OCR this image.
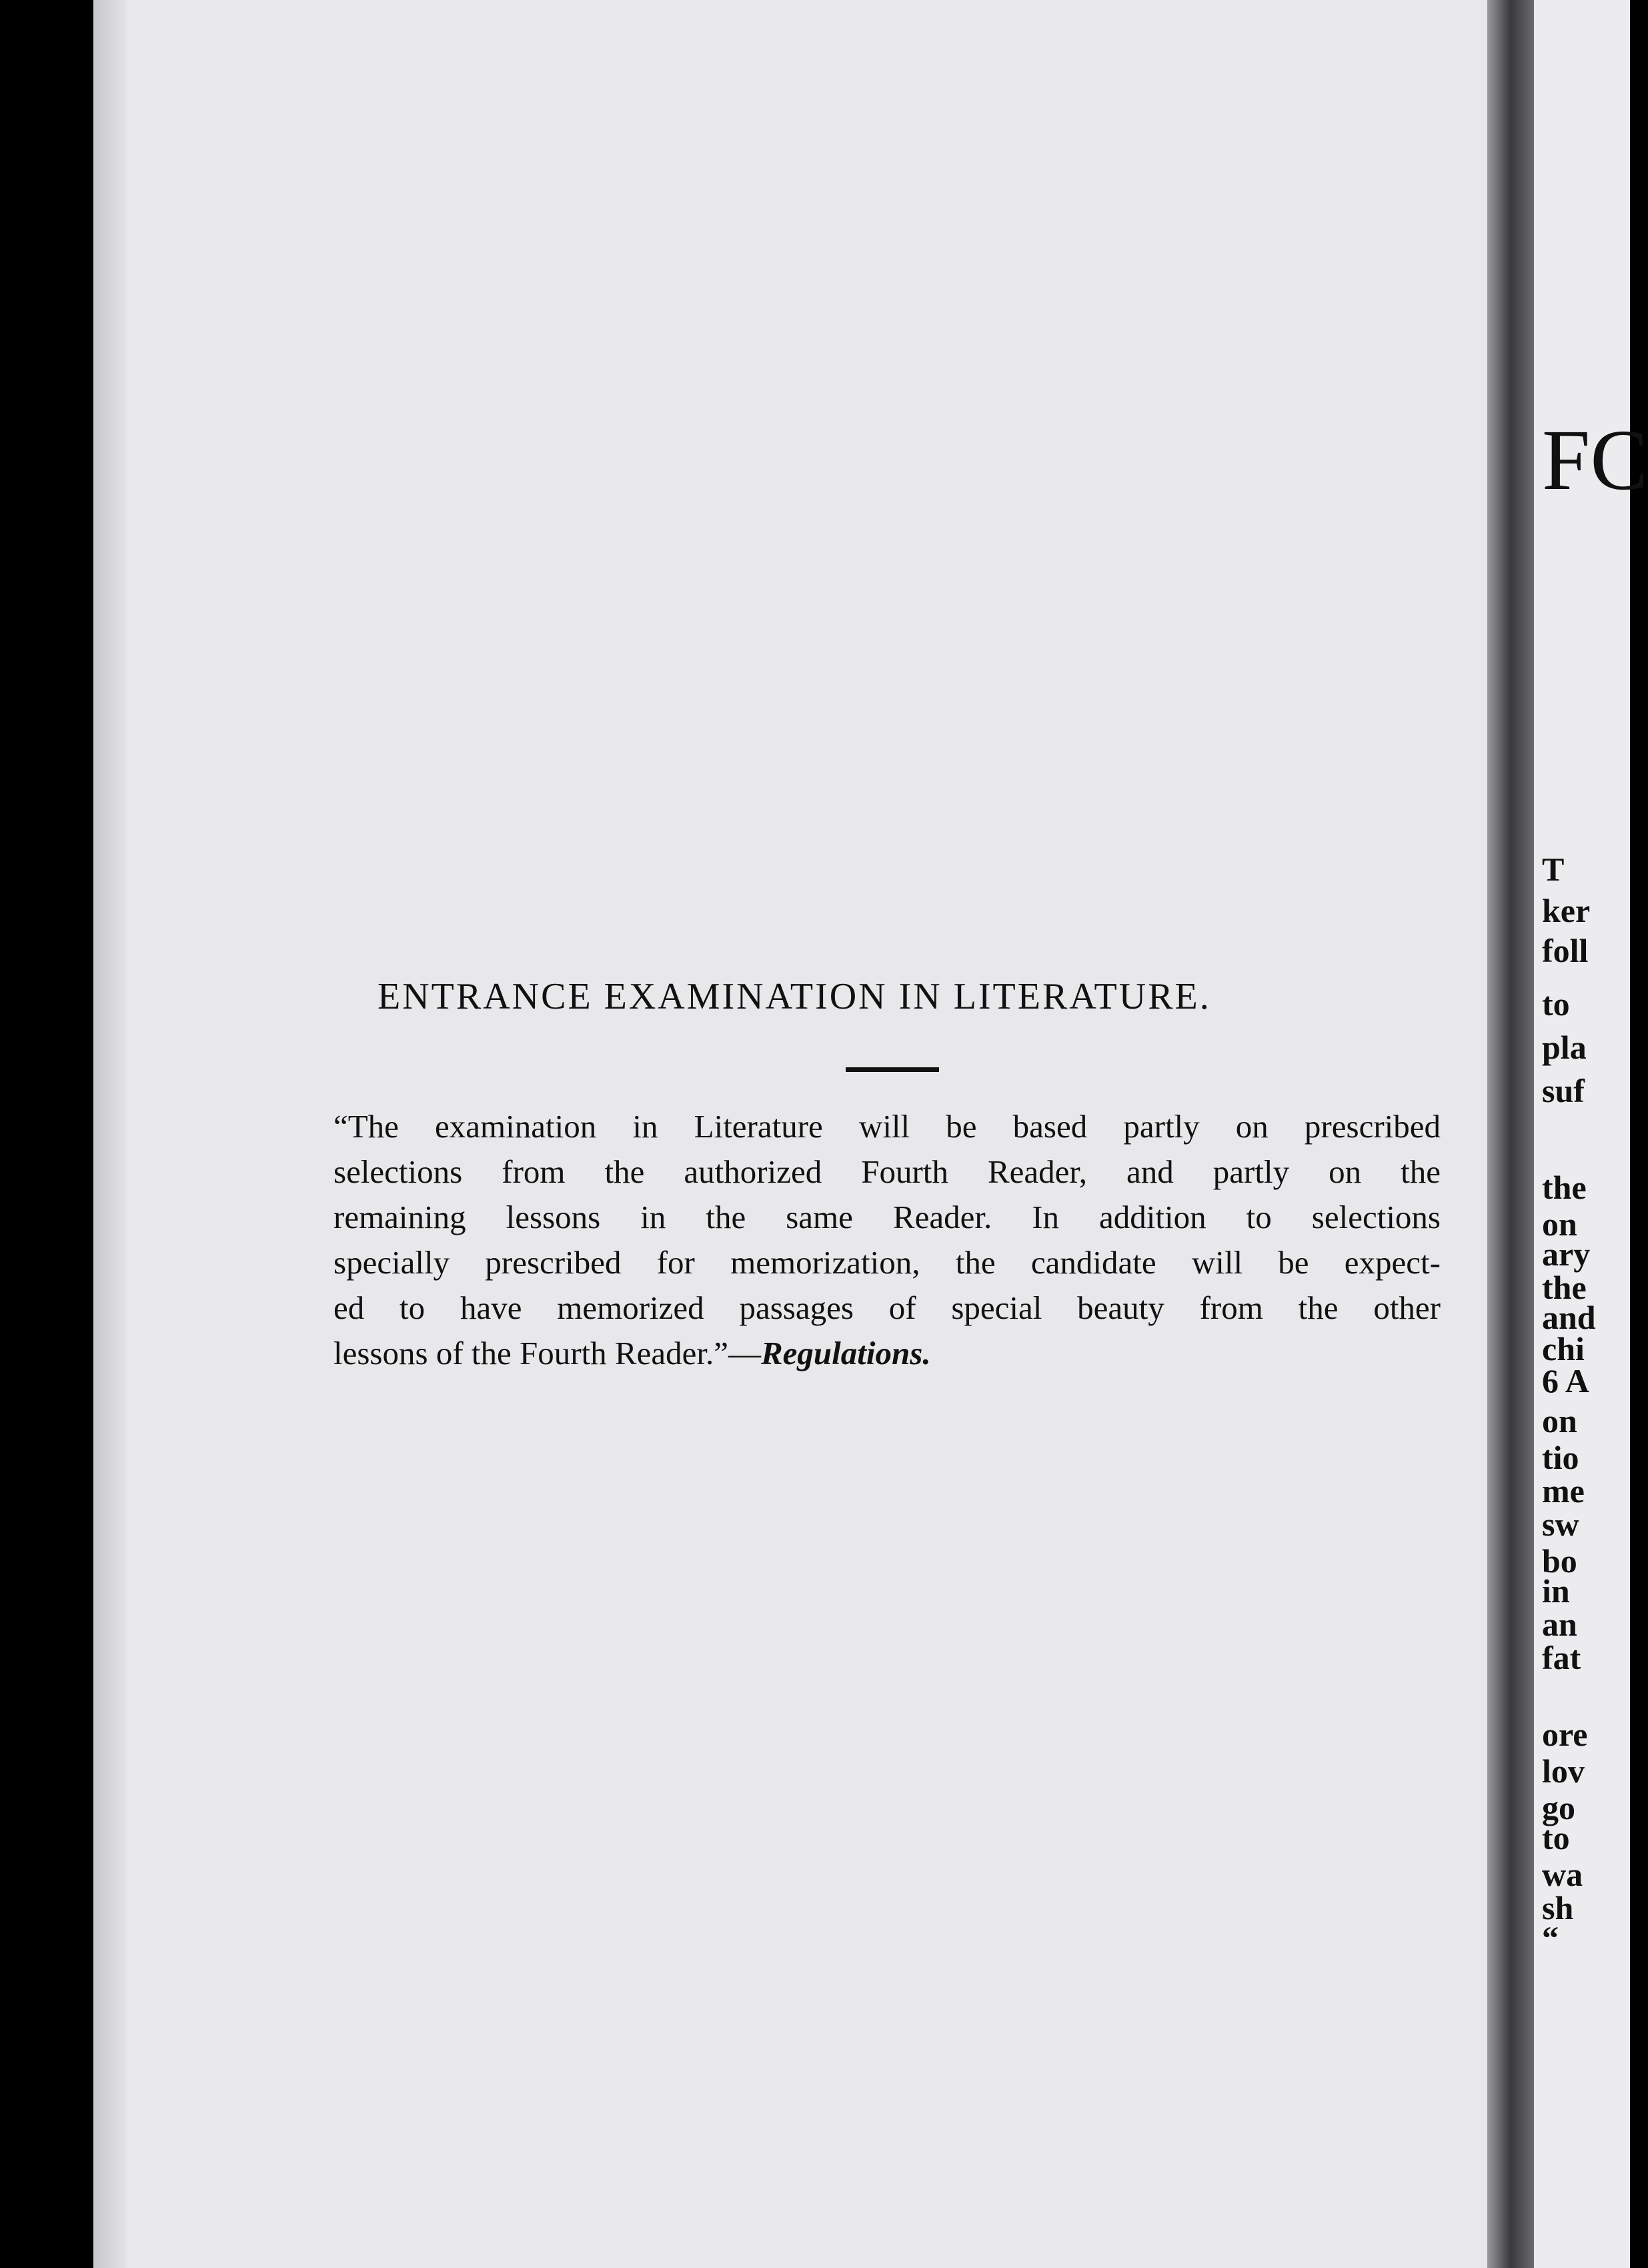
FC
T
ker
foll
to
pla
suf
the
on
ary
the
and
chi
6 A
on
tio
me
sw
bo
in
an
fat
ore
lov
go
to
wa
sh
“
ENTRANCE EXAMINATION IN LITERATURE.
“The examination in Literature will be based partly on prescribed
selections from the authorized Fourth Reader, and partly on the
remaining lessons in the same Reader. In addition to selections
specially prescribed for memorization, the candidate will be expect-
ed to have memorized passages of special beauty from the other
lessons of the Fourth Reader.”—Regulations.
